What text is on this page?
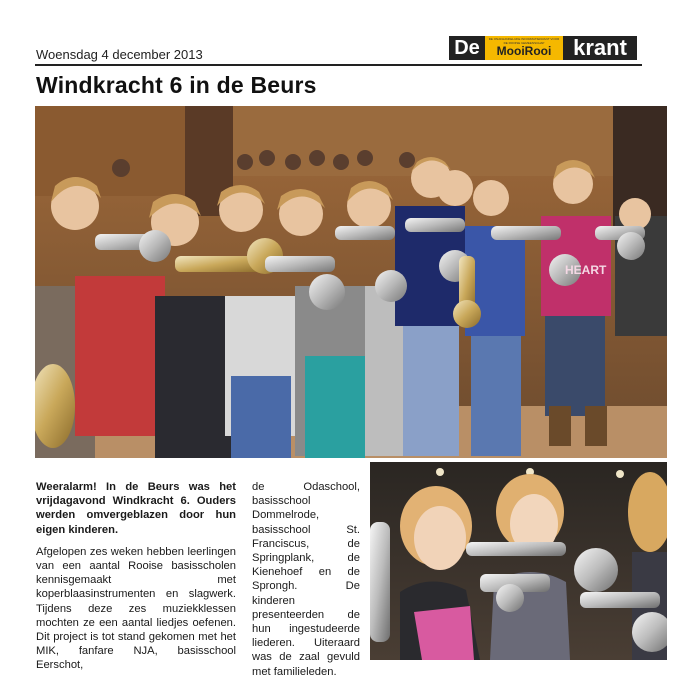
Woensdag 4 december 2013	De	MooiRooi
DE ONAFHANKELIJKE INFORMATIEKRANT VOOR DE ROOISE GEMEENSCHAP	krant
Windkracht 6 in de Beurs
HEART

Weeralarm! In de Beurs was het vrijdagavond Windkracht 6. Ouders werden omvergeblazen door hun eigen kinderen.

Afgelopen zes weken hebben leerlingen van een aantal Rooise basisscholen kennisgemaakt met koperblaasinstrumenten en slagwerk. Tijdens deze zes muziekklessen mochten ze een aantal liedjes oefenen. Dit project is tot stand gekomen met het MIK, fanfare NJA, basisschool Eerschot,

de Odaschool, basisschool Dommelrode, basisschool St. Franciscus, de Springplank, de Kienehoef en de Sprongh. De kinderen presenteerden de hun ingestudeerde liederen. Uiteraard was de zaal gevuld met familieleden.
